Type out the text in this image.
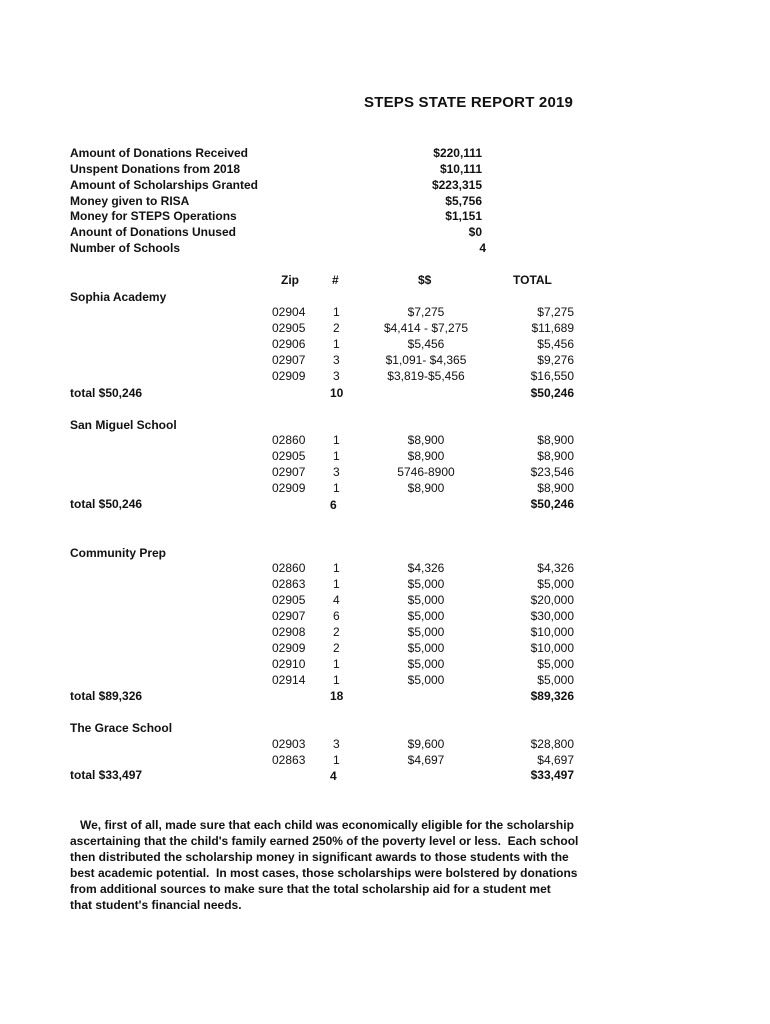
STEPS STATE REPORT 2019
Amount of Donations Received	$220,111
Unspent Donations from 2018	$10,111
Amount of Scholarships Granted	$223,315
Money given to RISA	$5,756
Money for STEPS Operations	$1,151
Anount of Donations Unused	$0
Number of Schools	4
Zip	#	$$	TOTAL
Sophia Academy
02904 1	$7,275	$7,275
02905 2	$4,414 - $7,275	$11,689
02906 1	$5,456	$5,456
02907 3	$1,091- $4,365	$9,276
02909 3	$3,819-$5,456	$16,550
total $50,246	10	$50,246
San Miguel School
02860 1	$8,900	$8,900
02905 1	$8,900	$8,900
02907 3	5746-8900	$23,546
02909 1	$8,900	$8,900
total $50,246	6	$50,246
Community Prep
02860 1	$4,326	$4,326
02863 1	$5,000	$5,000
02905 4	$5,000	$20,000
02907 6	$5,000	$30,000
02908 2	$5,000	$10,000
02909 2	$5,000	$10,000
02910 1	$5,000	$5,000
02914 1	$5,000	$5,000
total $89,326	18	$89,326
The Grace School
02903 3	$9,600	$28,800
02863 1	$4,697	$4,697
total $33,497	4	$33,497
We, first of all, made sure that each child was economically eligible for the scholarship
ascertaining that the child's family earned 250% of the poverty level or less.  Each school
then distributed the scholarship money in significant awards to those students with the
best academic potential.  In most cases, those scholarships were bolstered by donations
from additional sources to make sure that the total scholarship aid for a student met
that student's financial needs.
